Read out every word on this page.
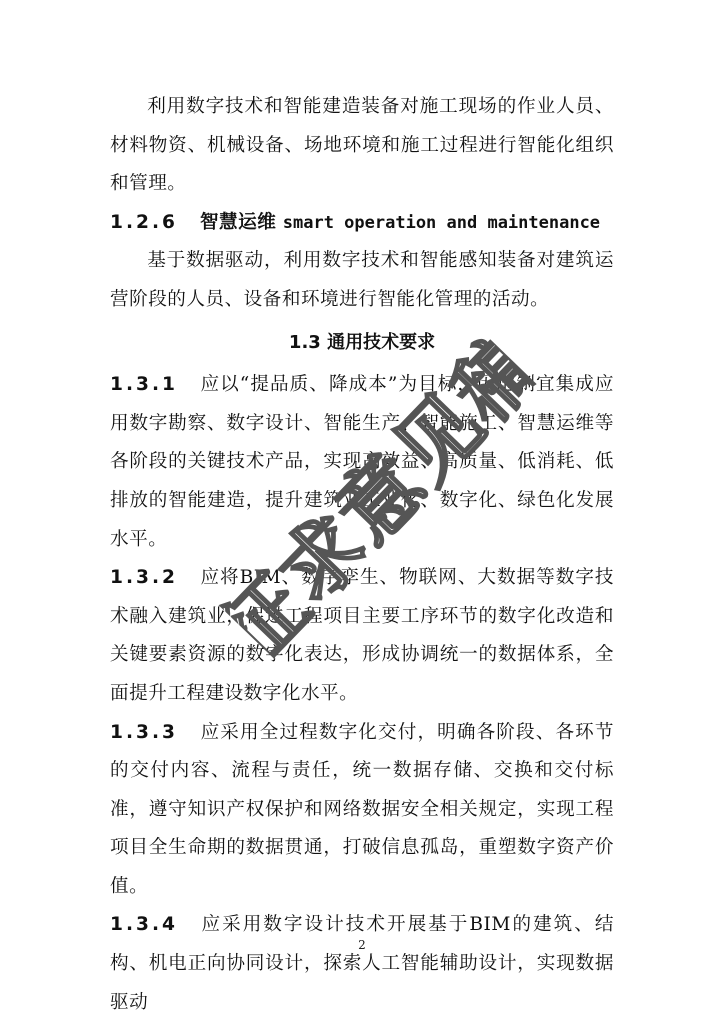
利用数字技术和智能建造装备对施工现场的作业人员、材料物资、机械设备、场地环境和施工过程进行智能化组织和管理。

1.2.6 智慧运维 smart operation and maintenance

基于数据驱动，利用数字技术和智能感知装备对建筑运营阶段的人员、设备和环境进行智能化管理的活动。

1.3 通用技术要求

1.3.1 应以“提品质、降成本”为目标，因地制宜集成应用数字勘察、数字设计、智能生产、智能施工、智慧运维等各阶段的关键技术产品，实现高效益、高质量、低消耗、低排放的智能建造，提升建筑业工业化、数字化、绿色化发展水平。

1.3.2 应将BIM、数字孪生、物联网、大数据等数字技术融入建筑业，促进工程项目主要工序环节的数字化改造和关键要素资源的数字化表达，形成协调统一的数据体系，全面提升工程建设数字化水平。

1.3.3 应采用全过程数字化交付，明确各阶段、各环节的交付内容、流程与责任，统一数据存储、交换和交付标准，遵守知识产权保护和网络数据安全相关规定，实现工程项目全生命期的数据贯通，打破信息孤岛，重塑数字资产价值。

1.3.4 应采用数字设计技术开展基于BIM的建筑、结构、机电正向协同设计，探索人工智能辅助设计，实现数据驱动

2
（征求意见稿）
